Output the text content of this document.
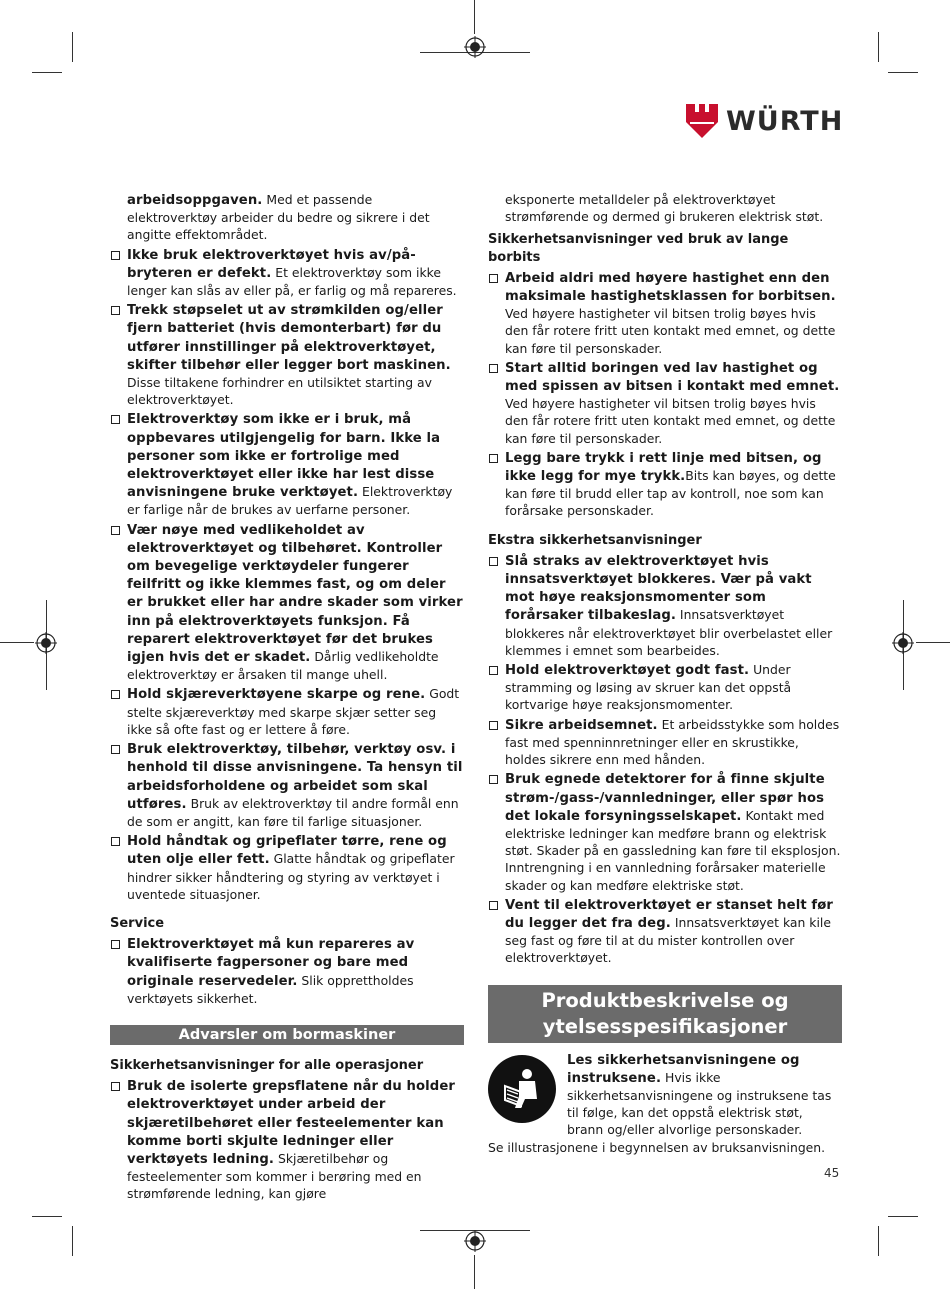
WÜRTH
arbeidsoppgaven. Med et passende elektroverktøy arbeider du bedre og sikrere i det angitte effektområdet.
Ikke bruk elektroverktøyet hvis av/på-bryteren er defekt. Et elektroverktøy som ikke lenger kan slås av eller på, er farlig og må repareres.
Trekk støpselet ut av strømkilden og/eller fjern batteriet (hvis demonterbart) før du utfører innstillinger på elektroverktøyet, skifter tilbehør eller legger bort maskinen. Disse tiltakene forhindrer en utilsiktet starting av elektroverktøyet.
Elektroverktøy som ikke er i bruk, må oppbevares utilgjengelig for barn. Ikke la personer som ikke er fortrolige med elektroverktøyet eller ikke har lest disse anvisningene bruke verktøyet. Elektroverktøy er farlige når de brukes av uerfarne personer.
Vær nøye med vedlikeholdet av elektroverktøyet og tilbehøret. Kontroller om bevegelige verktøydeler fungerer feilfritt og ikke klemmes fast, og om deler er brukket eller har andre skader som virker inn på elektroverktøyets funksjon. Få reparert elektroverktøyet før det brukes igjen hvis det er skadet. Dårlig vedlikeholdte elektroverktøy er årsaken til mange uhell.
Hold skjæreverktøyene skarpe og rene. Godt stelte skjæreverktøy med skarpe skjær setter seg ikke så ofte fast og er lettere å føre.
Bruk elektroverktøy, tilbehør, verktøy osv. i henhold til disse anvisningene. Ta hensyn til arbeidsforholdene og arbeidet som skal utføres. Bruk av elektroverktøy til andre formål enn de som er angitt, kan føre til farlige situasjoner.
Hold håndtak og gripeflater tørre, rene og uten olje eller fett. Glatte håndtak og gripeflater hindrer sikker håndtering og styring av verktøyet i uventede situasjoner.
Service
Elektroverktøyet må kun repareres av kvalifiserte fagpersoner og bare med originale reservedeler. Slik opprettholdes verktøyets sikkerhet.
Advarsler om bormaskiner
Sikkerhetsanvisninger for alle operasjoner
Bruk de isolerte grepsflatene når du holder elektroverktøyet under arbeid der skjæretilbehøret eller festeelementer kan komme borti skjulte ledninger eller verktøyets ledning. Skjæretilbehør og festeelementer som kommer i berøring med en strømførende ledning, kan gjøre
eksponerte metalldeler på elektroverktøyet strømførende og dermed gi brukeren elektrisk støt.
Sikkerhetsanvisninger ved bruk av lange borbits
Arbeid aldri med høyere hastighet enn den maksimale hastighetsklassen for borbitsen. Ved høyere hastigheter vil bitsen trolig bøyes hvis den får rotere fritt uten kontakt med emnet, og dette kan føre til personskader.
Start alltid boringen ved lav hastighet og med spissen av bitsen i kontakt med emnet. Ved høyere hastigheter vil bitsen trolig bøyes hvis den får rotere fritt uten kontakt med emnet, og dette kan føre til personskader.
Legg bare trykk i rett linje med bitsen, og ikke legg for mye trykk.Bits kan bøyes, og dette kan føre til brudd eller tap av kontroll, noe som kan forårsake personskader.
Ekstra sikkerhetsanvisninger
Slå straks av elektroverktøyet hvis innsatsverktøyet blokkeres. Vær på vakt mot høye reaksjonsmomenter som forårsaker tilbakeslag. Innsatsverktøyet blokkeres når elektroverktøyet blir overbelastet eller klemmes i emnet som bearbeides.
Hold elektroverktøyet godt fast. Under stramming og løsing av skruer kan det oppstå kortvarige høye reaksjonsmomenter.
Sikre arbeidsemnet. Et arbeidsstykke som holdes fast med spenninnretninger eller en skrustikke, holdes sikrere enn med hånden.
Bruk egnede detektorer for å finne skjulte strøm-/gass-/vannledninger, eller spør hos det lokale forsyningsselskapet. Kontakt med elektriske ledninger kan medføre brann og elektrisk støt. Skader på en gassledning kan føre til eksplosjon. Inntrengning i en vannledning forårsaker materielle skader og kan medføre elektriske støt.
Vent til elektroverktøyet er stanset helt før du legger det fra deg. Innsatsverktøyet kan kile seg fast og føre til at du mister kontrollen over elektroverktøyet.
Produktbeskrivelse og ytelsesspesifikasjoner
Les sikkerhetsanvisningene og instruksene. Hvis ikke sikkerhetsanvisningene og instruksene tas til følge, kan det oppstå elektrisk støt, brann og/eller alvorlige personskader.
Se illustrasjonene i begynnelsen av bruksanvisningen.
45
